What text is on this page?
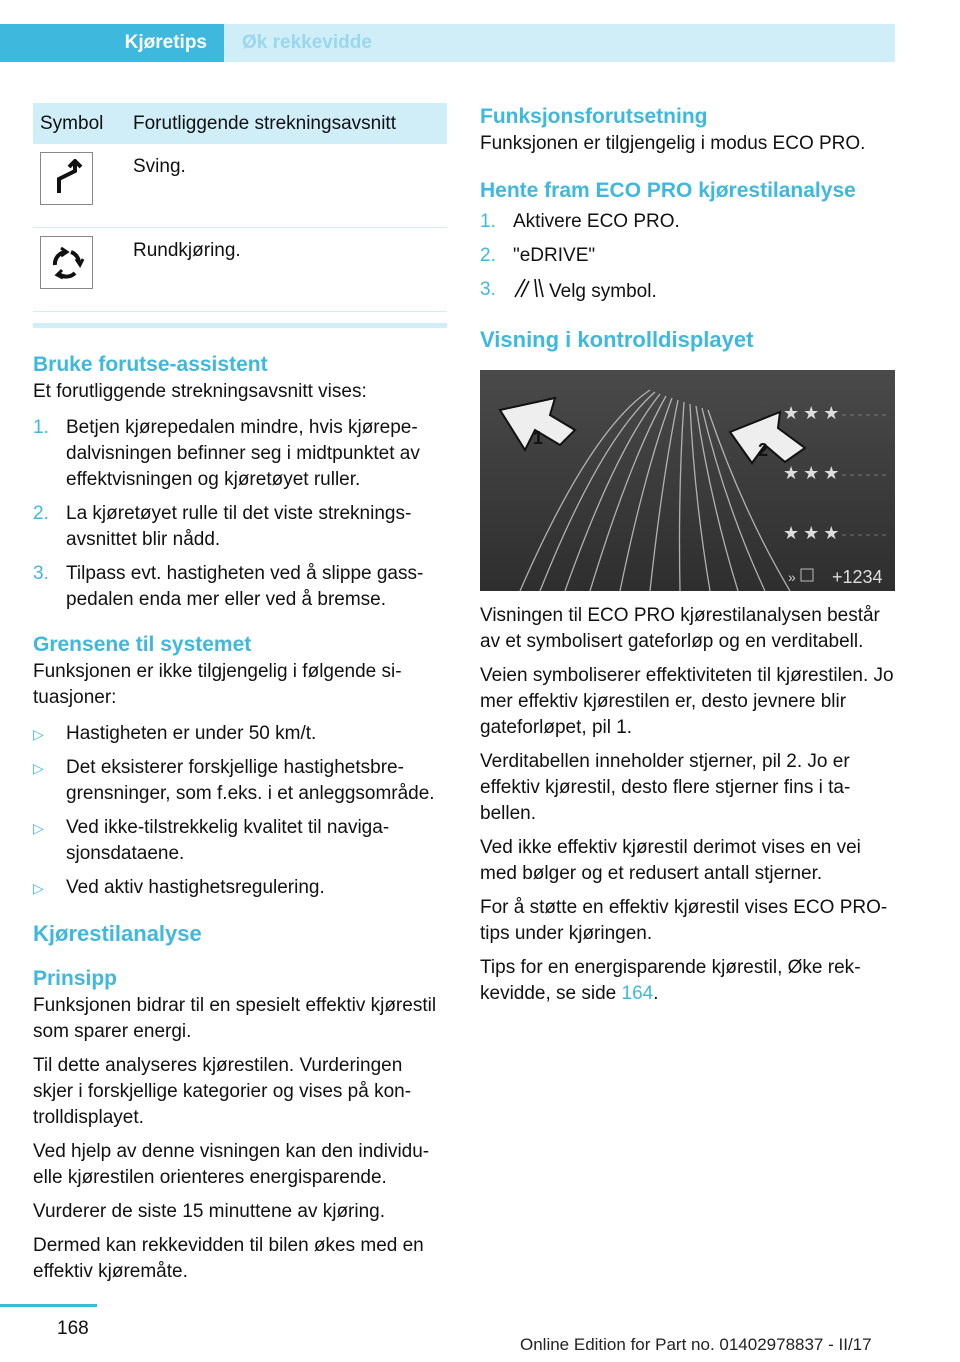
Kjøretips	Øk rekkevidde
Symbol	Forutliggende strekningsavsnitt

	Sving.

	Rundkjøring.
Bruke forutse-assistent

Et forutliggende strekningsavsnitt vises:

1. Betjen kjørepedalen mindre, hvis kjørepedalvisningen befinner seg i midtpunktet av effektvisningen og kjøretøyet ruller.
2. La kjøretøyet rulle til det viste strekningsavsnittet blir nådd.
3. Tilpass evt. hastigheten ved å slippe gasspedalen enda mer eller ved å bremse.
Grensene til systemet

Funksjonen er ikke tilgjengelig i følgende situasjoner:

▷ Hastigheten er under 50 km/t.
▷ Det eksisterer forskjellige hastighetsbregrensninger, som f.eks. i et anleggsområde.
▷ Ved ikke-tilstrekkelig kvalitet til navigasjonsdataene.
▷ Ved aktiv hastighetsregulering.
Kjørestilanalyse
Prinsipp

Funksjonen bidrar til en spesielt effektiv kjørestil som sparer energi.

Til dette analyseres kjørestilen. Vurderingen skjer i forskjellige kategorier og vises på kontrolldisplayet.

Ved hjelp av denne visningen kan den individuelle kjørestilen orienteres energisparende.

Vurderer de siste 15 minuttene av kjøring.

Dermed kan rekkevidden til bilen økes med en effektiv kjøremåte.

Funksjonsforutsetning

Funksjonen er tilgjengelig i modus ECO PRO.

Hente fram ECO PRO kjørestilanalyse
1. Aktivere ECO PRO.
2. "eDRIVE"
3.	Velg symbol.
Visning i kontrolldisplayet
1
2
★★★
★★★
★★★
» +1234

Visningen til ECO PRO kjørestilanalysen består av et symbolisert gateforløp og en verditabell.

Veien symboliserer effektiviteten til kjørestilen. Jo mer effektiv kjørestilen er, desto jevnere blir gateforløpet, pil 1.

Verditabellen inneholder stjerner, pil 2. Jo er effektiv kjørestil, desto flere stjerner fins i tabellen.

Ved ikke effektiv kjørestil derimot vises en vei med bølger og et redusert antall stjerner.

For å støtte en effektiv kjørestil vises ECO PRO-tips under kjøringen.

Tips for en energisparende kjørestil, Øke rekkevidde, se side 164.

168
Online Edition for Part no. 01402978837 - II/17
